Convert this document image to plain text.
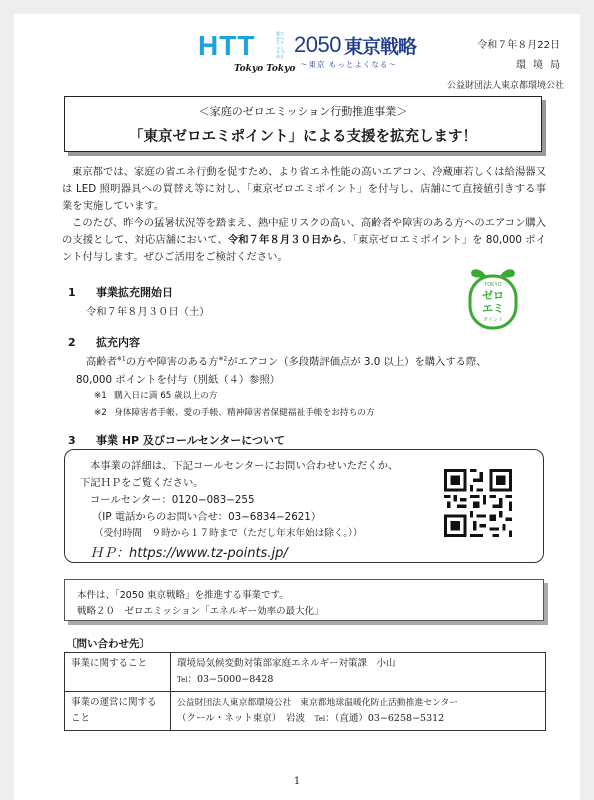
HTT	電力をへらす つくる ためる
Tokyo Tokyo
2050 東京戦略
〜東京 もっとよくなる〜
令和７年８月22日
環境局
公益財団法人東京都環境公社
＜家庭のゼロエミッション行動推進事業＞
「東京ゼロエミポイント」による支援を拡充します！
東京都では、家庭の省エネ行動を促すため、より省エネ性能の高いエアコン、冷蔵庫若しくは給湯器又は LED 照明器具への買替え等に対し、「東京ゼロエミポイント」を付与し、店舗にて直接値引きする事業を実施しています。
このたび、昨今の猛暑状況等を踏まえ、熱中症リスクの高い、高齢者や障害のある方へのエアコン購入の支援として、対応店舗において、令和７年８月３０日から、「東京ゼロエミポイント」を 80,000 ポイント付与します。ぜひご活用をご検討ください。
TOKYO
ゼロ
エミ
ポイント
1 事業拡充開始日
令和７年８月３０日（土）
2 拡充内容
高齢者$^{※1}$の方や障害のある方$^{※2}$がエアコン（多段階評価点が 3.0 以上）を購入する際、
80,000 ポイントを付与（別紙（４）参照）
※1 購入日に満 65 歳以上の方
※2 身体障害者手帳、愛の手帳、精神障害者保健福祉手帳をお持ちの方
3 事業 HP 及びコールセンターについて
本事業の詳細は、下記コールセンターにお問い合わせいただくか、
下記ＨＰをご覧ください。
コールセンター：0120−083−255
（IP 電話からのお問い合せ：03−6834−2621）
（受付時間　９時から１７時まで（ただし年末年始は除く。））
ＨＰ：https://www.tz-points.jp/
本件は、「2050 東京戦略」を推進する事業です。
戦略２０　ゼロエミッション「エネルギー効率の最大化」
〔問い合わせ先〕
事業に関すること	環境局気候変動対策部家庭エネルギー対策課　小山
Tel：03−5000−8428

事業の運営に関すること	公益財団法人東京都環境公社　東京都地球温暖化防止活動推進センター
（クール・ネット東京）　岩波　 Tel：（直通）03−6258−5312
1
